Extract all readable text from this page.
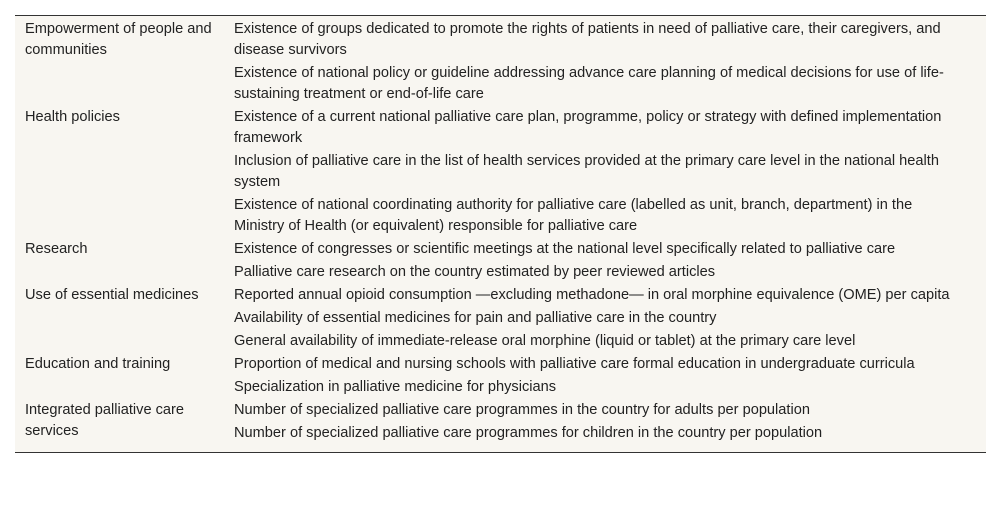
Empowerment of people and communities	Existence of groups dedicated to promote the rights of patients in need of palliative care, their caregivers, and disease survivors
	Existence of national policy or guideline addressing advance care planning of medical decisions for use of life-sustaining treatment or end-of-life care
Health policies	Existence of a current national palliative care plan, programme, policy or strategy with defined implementation framework
	Inclusion of palliative care in the list of health services provided at the primary care level in the national health system
	Existence of national coordinating authority for palliative care (labelled as unit, branch, department) in the Ministry of Health (or equivalent) responsible for palliative care
Research	Existence of congresses or scientific meetings at the national level specifically related to palliative care
	Palliative care research on the country estimated by peer reviewed articles
Use of essential medicines	Reported annual opioid consumption —excluding methadone— in oral morphine equivalence (OME) per capita
	Availability of essential medicines for pain and palliative care in the country
	General availability of immediate-release oral morphine (liquid or tablet) at the primary care level
Education and training	Proportion of medical and nursing schools with palliative care formal education in undergraduate curricula
	Specialization in palliative medicine for physicians
Integrated palliative care services	Number of specialized palliative care programmes in the country for adults per population
	Number of specialized palliative care programmes for children in the country per population
